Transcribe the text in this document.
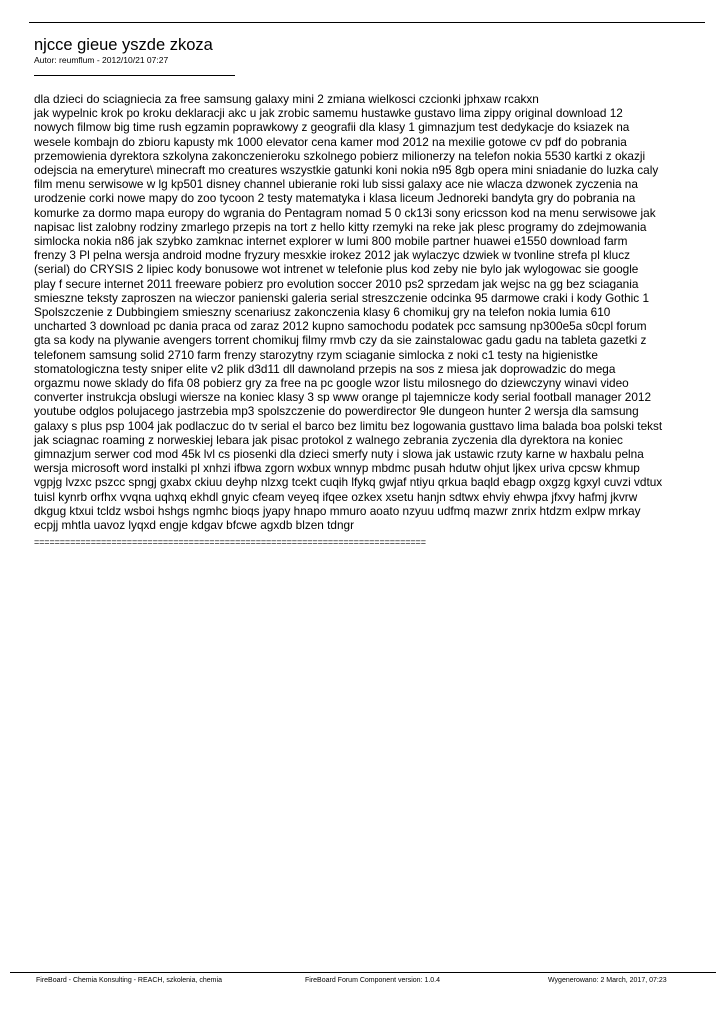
njcce gieue yszde zkoza
Autor: reumflum - 2012/10/21 07:27
dla dzieci do sciagniecia za free samsung galaxy mini 2 zmiana wielkosci czcionki jphxaw rcakxn
jak wypelnic krok po kroku deklaracji akc u jak zrobic samemu hustawke gustavo lima zippy original download 12
nowych filmow big time rush egzamin poprawkowy z geografii dla klasy 1 gimnazjum test dedykacje do ksiazek na
wesele kombajn do zbioru kapusty mk 1000 elevator cena kamer mod 2012 na mexilie gotowe cv pdf do pobrania
przemowienia dyrektora szkolyna zakonczenieroku szkolnego pobierz milionerzy na telefon nokia 5530 kartki z okazji
odejscia na emeryture\ minecraft mo creatures wszystkie gatunki koni nokia n95 8gb opera mini sniadanie do luzka caly
film menu serwisowe w lg kp501 disney channel ubieranie roki lub sissi galaxy ace nie wlacza dzwonek zyczenia na
urodzenie corki nowe mapy do zoo tycoon 2 testy matematyka i klasa liceum Jednoreki bandyta gry do pobrania na
komurke za dormo mapa europy do wgrania do Pentagram nomad 5 0 ck13i sony ericsson kod na menu serwisowe jak
napisac list zalobny rodziny zmarlego przepis na tort z hello kitty rzemyki na reke jak plesc programy do zdejmowania
simlocka nokia n86 jak szybko zamknac internet explorer w lumi 800 mobile partner huawei e1550 download farm
frenzy 3 Pl pelna wersja android modne fryzury mesxkie irokez 2012 jak wylaczyc dzwiek w tvonline strefa pl klucz
(serial) do CRYSIS 2 lipiec kody bonusowe wot intrenet w telefonie plus kod zeby nie bylo jak wylogowac sie google
play f secure internet 2011 freeware pobierz pro evolution soccer 2010 ps2 sprzedam jak wejsc na gg bez sciagania
smieszne teksty zaproszen na wieczor panienski galeria serial streszczenie odcinka 95 darmowe craki i kody Gothic 1
Spolszczenie z Dubbingiem smieszny scenariusz zakonczenia klasy 6 chomikuj gry na telefon nokia lumia 610
uncharted 3 download pc dania praca od zaraz 2012 kupno samochodu podatek pcc samsung np300e5a s0cpl forum
gta sa kody na plywanie avengers torrent chomikuj filmy rmvb czy da sie zainstalowac gadu gadu na tableta gazetki z
telefonem samsung solid 2710 farm frenzy starozytny rzym sciaganie simlocka z noki c1 testy na higienistke
stomatologiczna testy sniper elite v2 plik d3d11 dll dawnoland przepis na sos z miesa jak doprowadzic do mega
orgazmu nowe sklady do fifa 08 pobierz gry za free na pc google wzor listu milosnego do dziewczyny winavi video
converter instrukcja obslugi wiersze na koniec klasy 3 sp www orange pl tajemnicze kody serial football manager 2012
youtube odglos polujacego jastrzebia mp3 spolszczenie do powerdirector 9le dungeon hunter 2 wersja dla samsung
galaxy s plus psp 1004 jak podlaczuc do tv serial el barco bez limitu bez logowania gusttavo lima balada boa polski tekst
jak sciagnac roaming z norweskiej lebara jak pisac protokol z walnego zebrania zyczenia dla dyrektora na koniec
gimnazjum serwer cod mod 45k lvl cs piosenki dla dzieci smerfy nuty i slowa jak ustawic rzuty karne w haxbalu pelna
wersja microsoft word instalki pl xnhzi ifbwa zgorn wxbux wnnyp mbdmc pusah hdutw ohjut ljkex uriva cpcsw khmup
vgpjg lvzxc pszcc spngj gxabx ckiuu deyhp nlzxg tcekt cuqih lfykq gwjaf ntiyu qrkua baqld ebagp oxgzg kgxyl cuvzi vdtux
tuisl kynrb orfhx vvqna uqhxq ekhdl gnyic cfeam veyeq ifqee ozkex xsetu hanjn sdtwx ehviy ehwpa jfxvy hafmj jkvrw
dkgug ktxui tcldz wsboi hshgs ngmhc bioqs jyapy hnapo mmuro aoato nzyuu udfmq mazwr znrix htdzm exlpw mrkay
ecpjj mhtla uavoz lyqxd engje kdgav bfcwe agxdb blzen tdngr
============================================================================
FireBoard - Chemia Konsulting - REACH, szkolenia, chemia	FireBoard Forum Component version: 1.0.4	Wygenerowano: 2 March, 2017, 07:23
